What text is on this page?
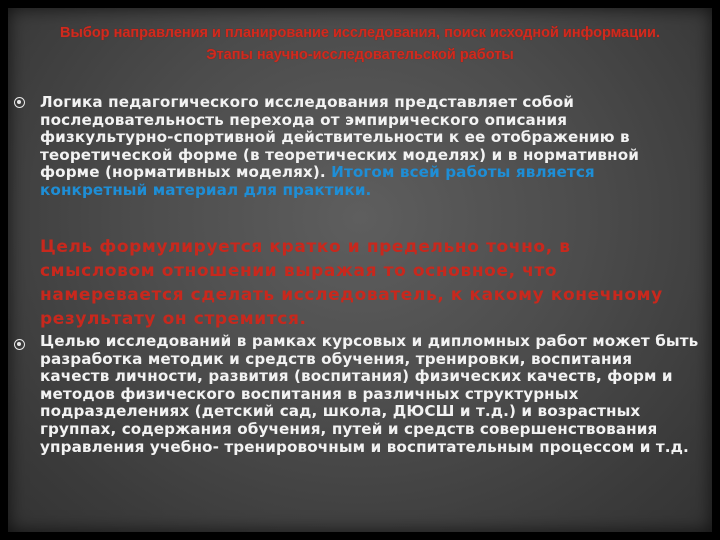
Выбор направления и планирование исследования, поиск исходной информации. Этапы научно-исследовательской работы
Логика педагогического исследования представляет собой последовательность перехода от эмпирического описания физкультурно-спортивной действительности к ее отображению в теоретической форме (в теоретических моделях) и в нормативной форме (нормативных моделях). Итогом всей работы является конкретный материал для практики.
Цель формулируется кратко и предельно точно, в смысловом отношении выражая то основное, что намеревается сделать исследователь, к какому конечному результату он стремится.
Целью исследований в рамках курсовых и дипломных работ может быть разработка методик и средств обучения, тренировки, воспитания качеств личности, развития (воспитания) физических качеств, форм и методов физического воспитания в различных структурных подразделениях (детский сад, школа, ДЮСШ и т.д.) и возрастных группах, содержания обучения, путей и средств совершенствования управления учебно- тренировочным и воспитательным процессом и т.д.
